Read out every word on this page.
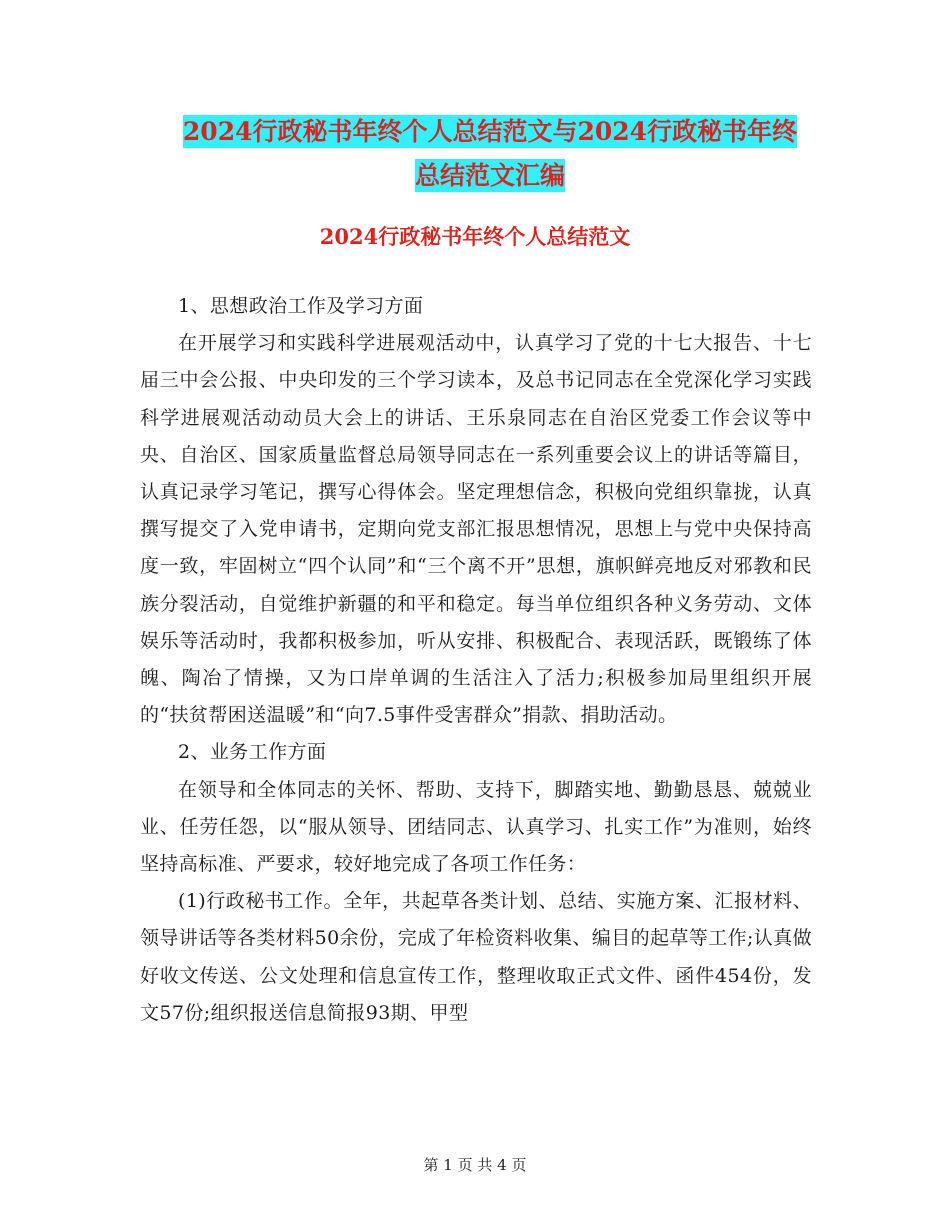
2024行政秘书年终个人总结范文与2024行政秘书年终
总结范文汇编
2024行政秘书年终个人总结范文

1、思想政治工作及学习方面

在开展学习和实践科学进展观活动中，认真学习了党的十七大报告、十七届三中会公报、中央印发的三个学习读本，及总书记同志在全党深化学习实践科学进展观活动动员大会上的讲话、王乐泉同志在自治区党委工作会议等中央、自治区、国家质量监督总局领导同志在一系列重要会议上的讲话等篇目，认真记录学习笔记，撰写心得体会。坚定理想信念，积极向党组织靠拢，认真撰写提交了入党申请书，定期向党支部汇报思想情况，思想上与党中央保持高度一致，牢固树立“四个认同”和“三个离不开”思想，旗帜鲜亮地反对邪教和民族分裂活动，自觉维护新疆的和平和稳定。每当单位组织各种义务劳动、文体娱乐等活动时，我都积极参加，听从安排、积极配合、表现活跃，既锻练了体魄、陶冶了情操，又为口岸单调的生活注入了活力;积极参加局里组织开展的“扶贫帮困送温暖”和“向7.5事件受害群众”捐款、捐助活动。

2、业务工作方面

在领导和全体同志的关怀、帮助、支持下，脚踏实地、勤勤恳恳、兢兢业业、任劳任怨，以“服从领导、团结同志、认真学习、扎实工作”为准则，始终坚持高标准、严要求，较好地完成了各项工作任务：

(1)行政秘书工作。全年，共起草各类计划、总结、实施方案、汇报材料、领导讲话等各类材料50余份，完成了年检资料收集、编目的起草等工作;认真做好收文传送、公文处理和信息宣传工作，整理收取正式文件、函件454份，发文57份;组织报送信息简报93期、甲型

第 1 页 共 4 页
